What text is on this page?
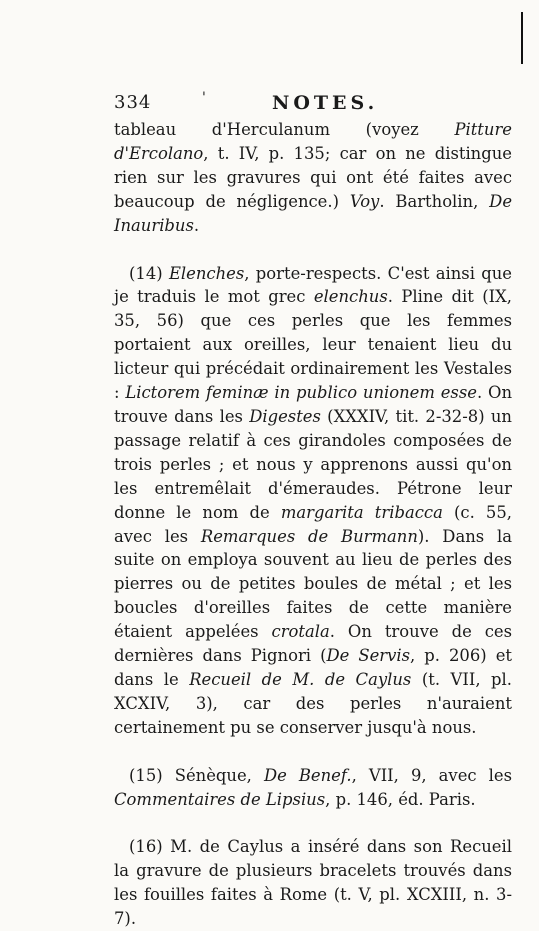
334	'	NOTES.

tableau d'Herculanum (voyez Pitture d'Ercolano, t. IV, p. 135; car on ne distingue rien sur les gravures qui ont été faites avec beaucoup de négligence.) Voy. Bartholin, De Inauribus.

(14) Elenches, porte-respects. C'est ainsi que je traduis le mot grec elenchus. Pline dit (IX, 35, 56) que ces perles que les femmes portaient aux oreilles, leur tenaient lieu du licteur qui précédait ordinairement les Vestales : Lictorem feminæ in publico unionem esse. On trouve dans les Digestes (XXXIV, tit. 2-32-8) un passage relatif à ces girandoles composées de trois perles ; et nous y apprenons aussi qu'on les entremêlait d'émeraudes. Pétrone leur donne le nom de margarita tribacca (c. 55, avec les Remarques de Burmann). Dans la suite on employa souvent au lieu de perles des pierres ou de petites boules de métal ; et les boucles d'oreilles faites de cette manière étaient appelées crotala. On trouve de ces dernières dans Pignori (De Servis, p. 206) et dans le Recueil de M. de Caylus (t. VII, pl. XCXIV, 3), car des perles n'auraient certainement pu se conserver jusqu'à nous.

(15) Sénèque, De Benef., VII, 9, avec les Commentaires de Lipsius, p. 146, éd. Paris.

(16) M. de Caylus a inséré dans son Recueil la gravure de plusieurs bracelets trouvés dans les fouilles faites à Rome (t. V, pl. XCXIII, n. 3-7).
